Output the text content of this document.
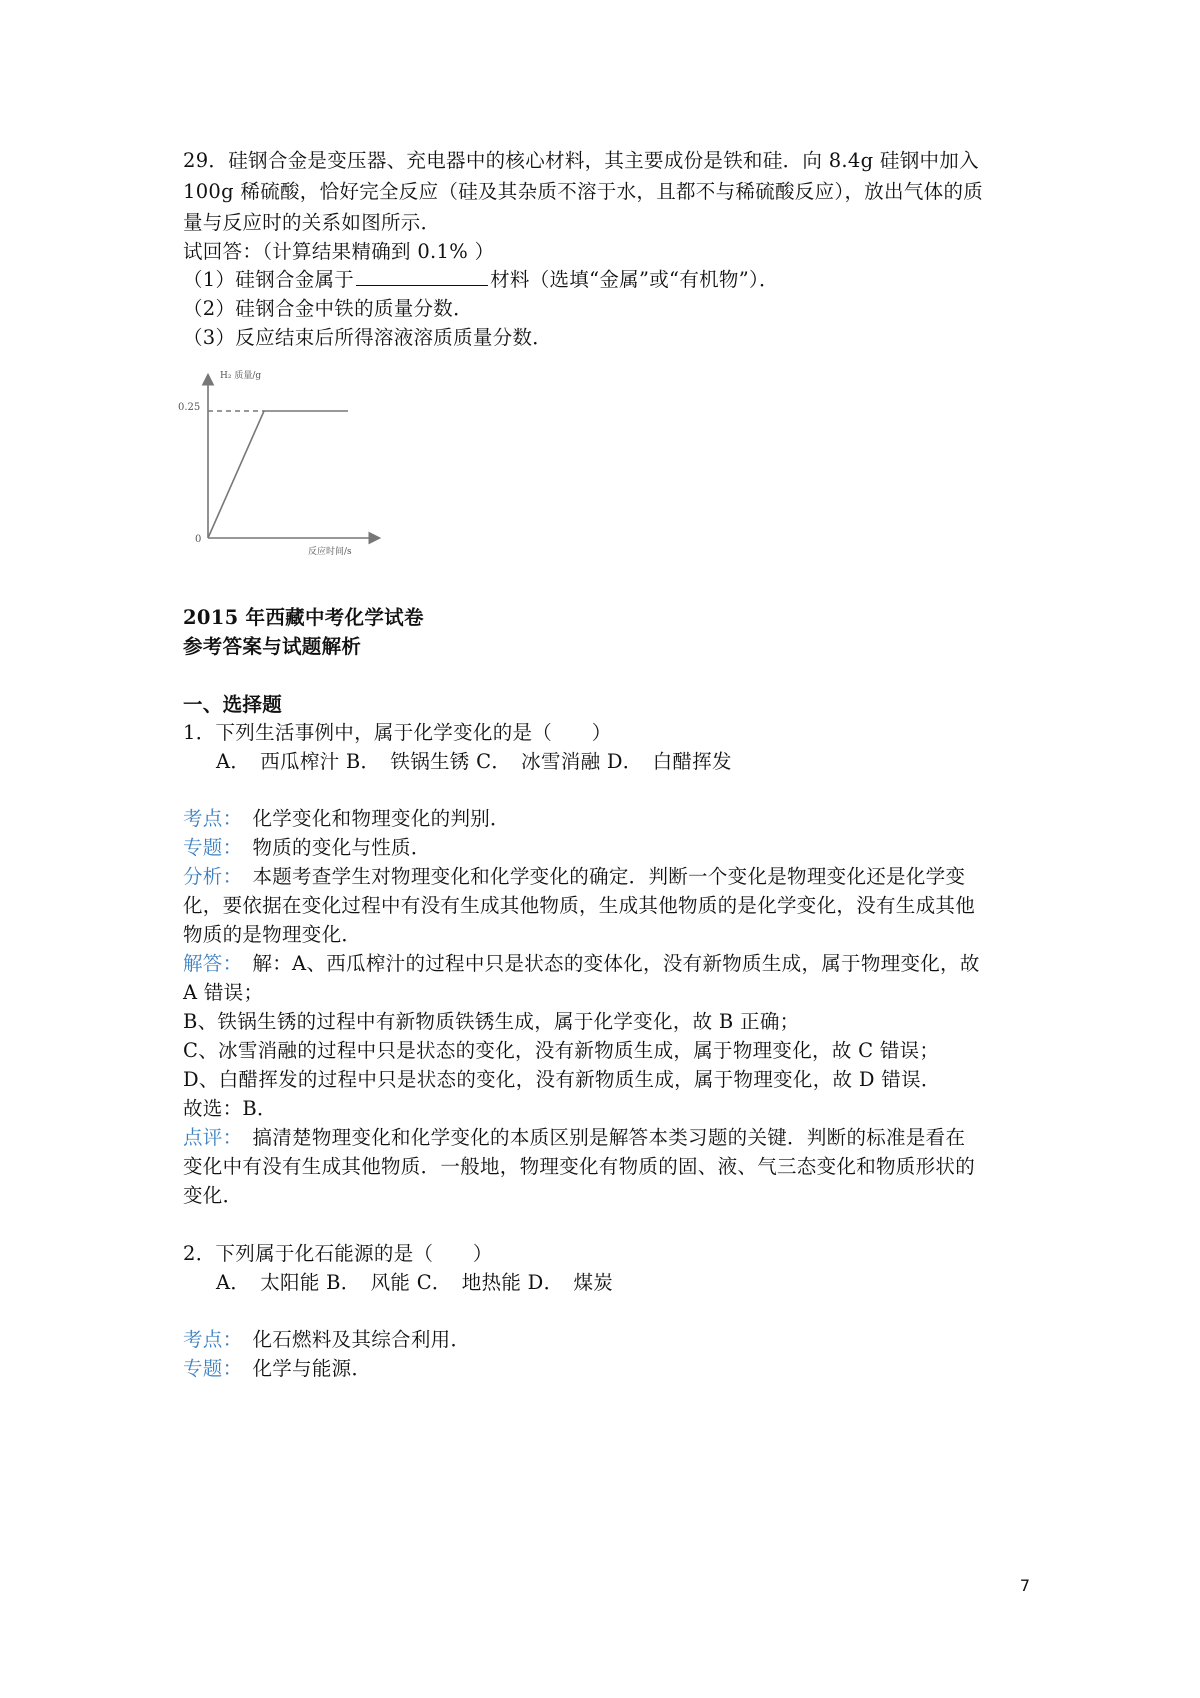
29．硅钢合金是变压器、充电器中的核心材料，其主要成份是铁和硅．向 8.4g 硅钢中加入
100g 稀硫酸，恰好完全反应（硅及其杂质不溶于水，且都不与稀硫酸反应），放出气体的质
量与反应时的关系如图所示．
试回答：（计算结果精确到 0.1% ）
（1）硅钢合金属于	材料（选填“金属”或“有机物”）．
（2）硅钢合金中铁的质量分数．
（3）反应结束后所得溶液溶质质量分数．
H₂ 质量/g
反应时间/s
0.25
0
2015 年西藏中考化学试卷
参考答案与试题解析
一、选择题
1．下列生活事例中，属于化学变化的是（　　）
A．　西瓜榨汁 B．　铁锅生锈 C．　冰雪消融 D．　白醋挥发
考点：　化学变化和物理变化的判别．
专题：　物质的变化与性质．
分析：　本题考查学生对物理变化和化学变化的确定．判断一个变化是物理变化还是化学变
化，要依据在变化过程中有没有生成其他物质，生成其他物质的是化学变化，没有生成其他
物质的是物理变化．
解答：　解：A、西瓜榨汁的过程中只是状态的变体化，没有新物质生成，属于物理变化，故
A 错误；
B、铁锅生锈的过程中有新物质铁锈生成，属于化学变化，故 B 正确；
C、冰雪消融的过程中只是状态的变化，没有新物质生成，属于物理变化，故 C 错误；
D、白醋挥发的过程中只是状态的变化，没有新物质生成，属于物理变化，故 D 错误．
故选：B．
点评：　搞清楚物理变化和化学变化的本质区别是解答本类习题的关键．判断的标准是看在
变化中有没有生成其他物质．一般地，物理变化有物质的固、液、气三态变化和物质形状的
变化．
2．下列属于化石能源的是（　　）
A．　太阳能 B．　风能 C．　地热能 D．　煤炭
考点：　化石燃料及其综合利用．
专题：　化学与能源．
7
